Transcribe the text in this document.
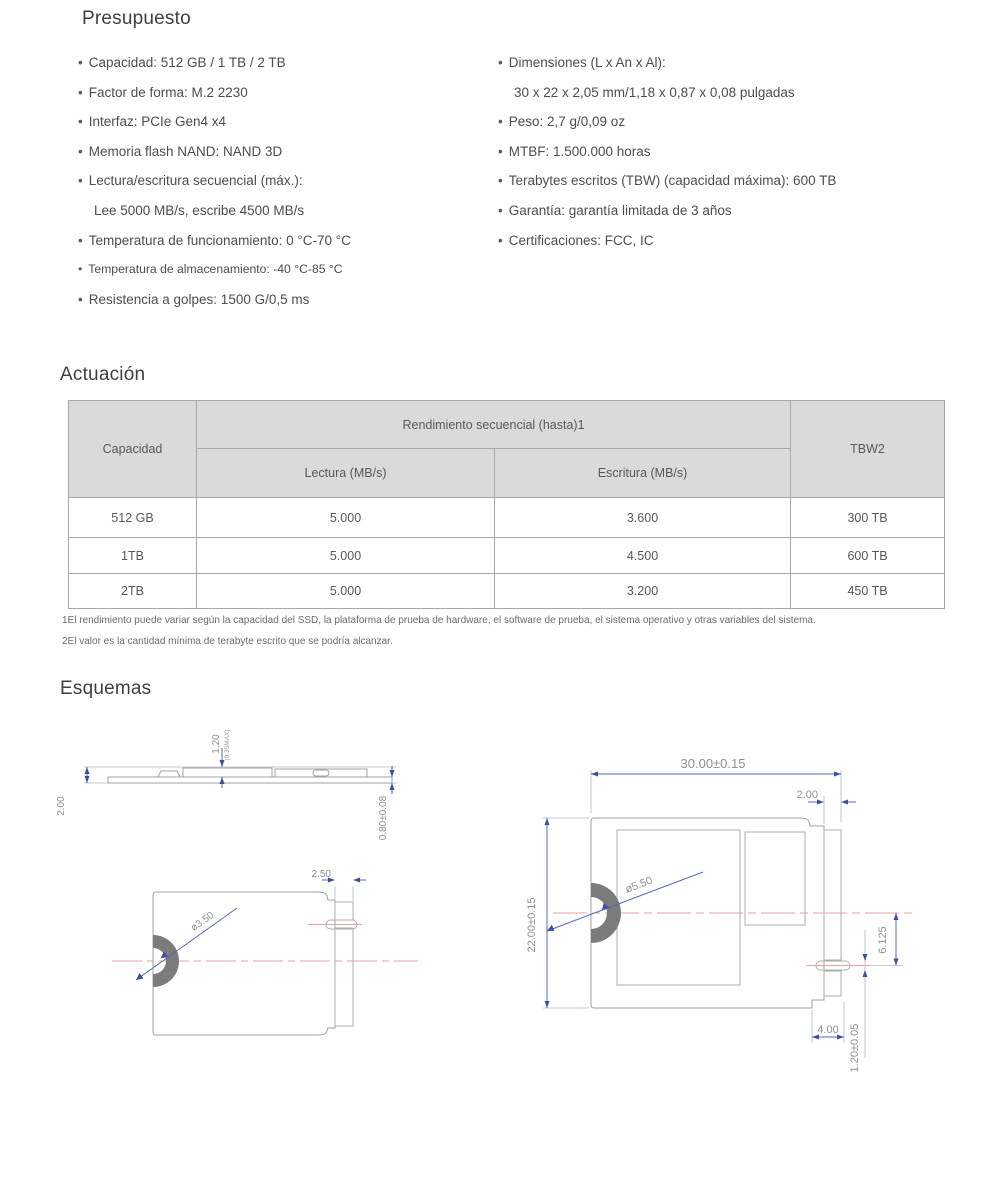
Presupuesto
• Capacidad: 512 GB / 1 TB / 2 TB
• Factor de forma: M.2 2230
• Interfaz: PCIe Gen4 x4
• Memoria flash NAND: NAND 3D
• Lectura/escritura secuencial (máx.):
Lee 5000 MB/s, escribe 4500 MB/s
• Temperatura de funcionamiento: 0 °C-70 °C
• Temperatura de almacenamiento: -40 °C-85 °C
• Resistencia a golpes: 1500 G/0,5 ms
• Dimensiones (L x An x Al):
30 x 22 x 2,05 mm/1,18 x 0,87 x 0,08 pulgadas
• Peso: 2,7 g/0,09 oz
• MTBF: 1.500.000 horas
• Terabytes escritos (TBW) (capacidad máxima): 600 TB
• Garantía: garantía limitada de 3 años
• Certificaciones: FCC, IC
Actuación
Capacidad	Rendimiento secuencial (hasta)1		TBW2
	Lectura (MB/s)	Escritura (MB/s)	
512 GB	5.000	3.600	300 TB
1TB	5.000	4.500	600 TB
2TB	5.000	3.200	450 TB
1El rendimiento puede variar según la capacidad del SSD, la plataforma de prueba de hardware, el software de prueba, el sistema operativo y otras variables del sistema.
2El valor es la cantidad mínima de terabyte escrito que se podría alcanzar.
Esquemas
2.00
1.20 (0.35MAX)
0.80±0.08
ø3.50
2.50
ø5.50
30.00±0.15
2.00
22.00±0.15	6.125
1.20±0.05
4.00
